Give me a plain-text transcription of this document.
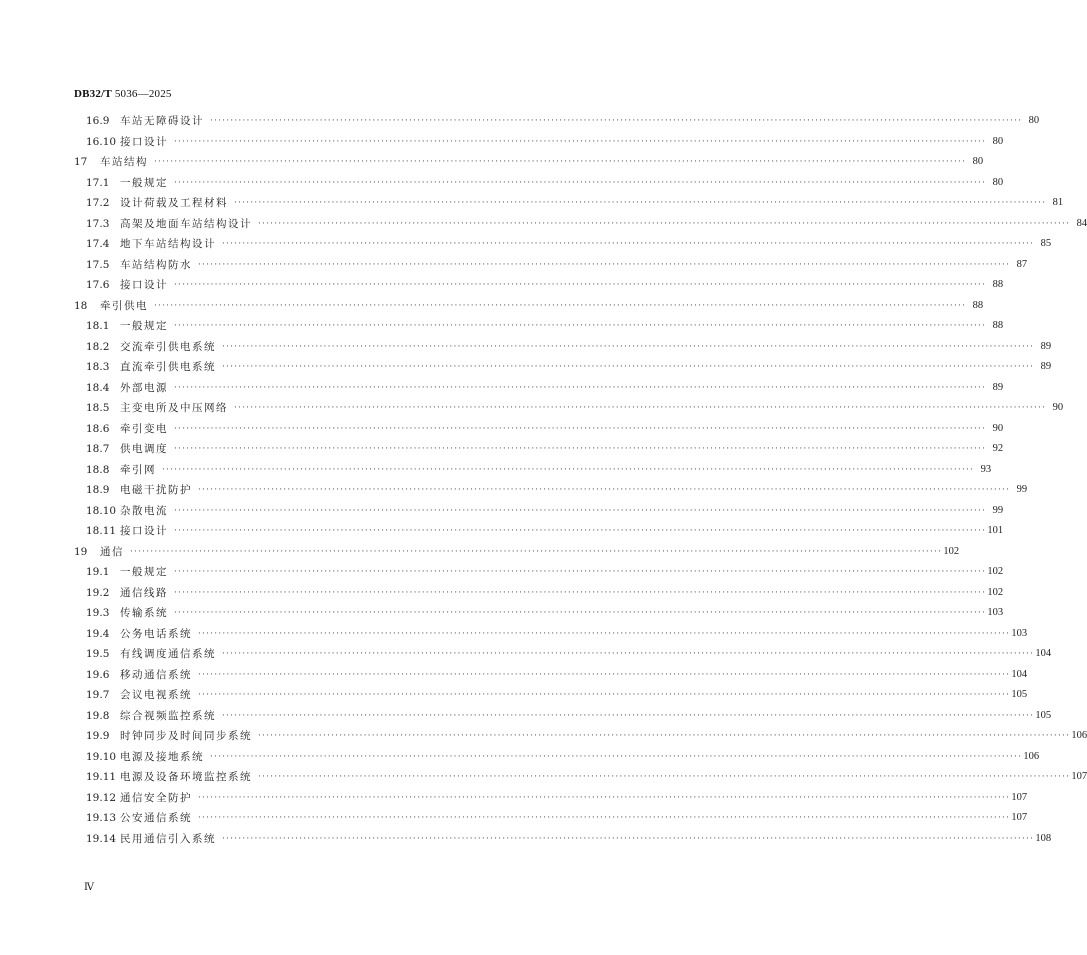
DB32/T 5036—2025
16.9	车站无障碍设计 ········································································································································································································ 80
16.10 接口设计 ········································································································································································································ 80
17	车站结构 ········································································································································································································ 80
17.1	一般规定 ········································································································································································································ 80
17.2	设计荷载及工程材料 ········································································································································································································ 81
17.3	高架及地面车站结构设计 ········································································································································································································ 84
17.4	地下车站结构设计 ········································································································································································································ 85
17.5	车站结构防水 ········································································································································································································ 87
17.6	接口设计 ········································································································································································································ 88
18	牵引供电 ········································································································································································································ 88
18.1	一般规定 ········································································································································································································ 88
18.2	交流牵引供电系统 ········································································································································································································ 89
18.3	直流牵引供电系统 ········································································································································································································ 89
18.4	外部电源 ········································································································································································································ 89
18.5	主变电所及中压网络 ········································································································································································································ 90
18.6	牵引变电 ········································································································································································································ 90
18.7	供电调度 ········································································································································································································ 92
18.8	牵引网 ········································································································································································································ 93
18.9	电磁干扰防护 ········································································································································································································ 99
18.10 杂散电流 ········································································································································································································ 99
18.11 接口设计 ········································································································································································································ 101
19	通信 ········································································································································································································ 102
19.1	一般规定 ········································································································································································································ 102
19.2	通信线路 ········································································································································································································ 102
19.3	传输系统 ········································································································································································································ 103
19.4	公务电话系统 ········································································································································································································ 103
19.5	有线调度通信系统 ········································································································································································································ 104
19.6	移动通信系统 ········································································································································································································ 104
19.7	会议电视系统 ········································································································································································································ 105
19.8	综合视频监控系统 ········································································································································································································ 105
19.9	时钟同步及时间同步系统 ········································································································································································································ 106
19.10 电源及接地系统 ········································································································································································································ 106
19.11 电源及设备环境监控系统 ········································································································································································································ 107
19.12 通信安全防护 ········································································································································································································ 107
19.13 公安通信系统 ········································································································································································································ 107
19.14 民用通信引入系统 ········································································································································································································ 108
Ⅳ
